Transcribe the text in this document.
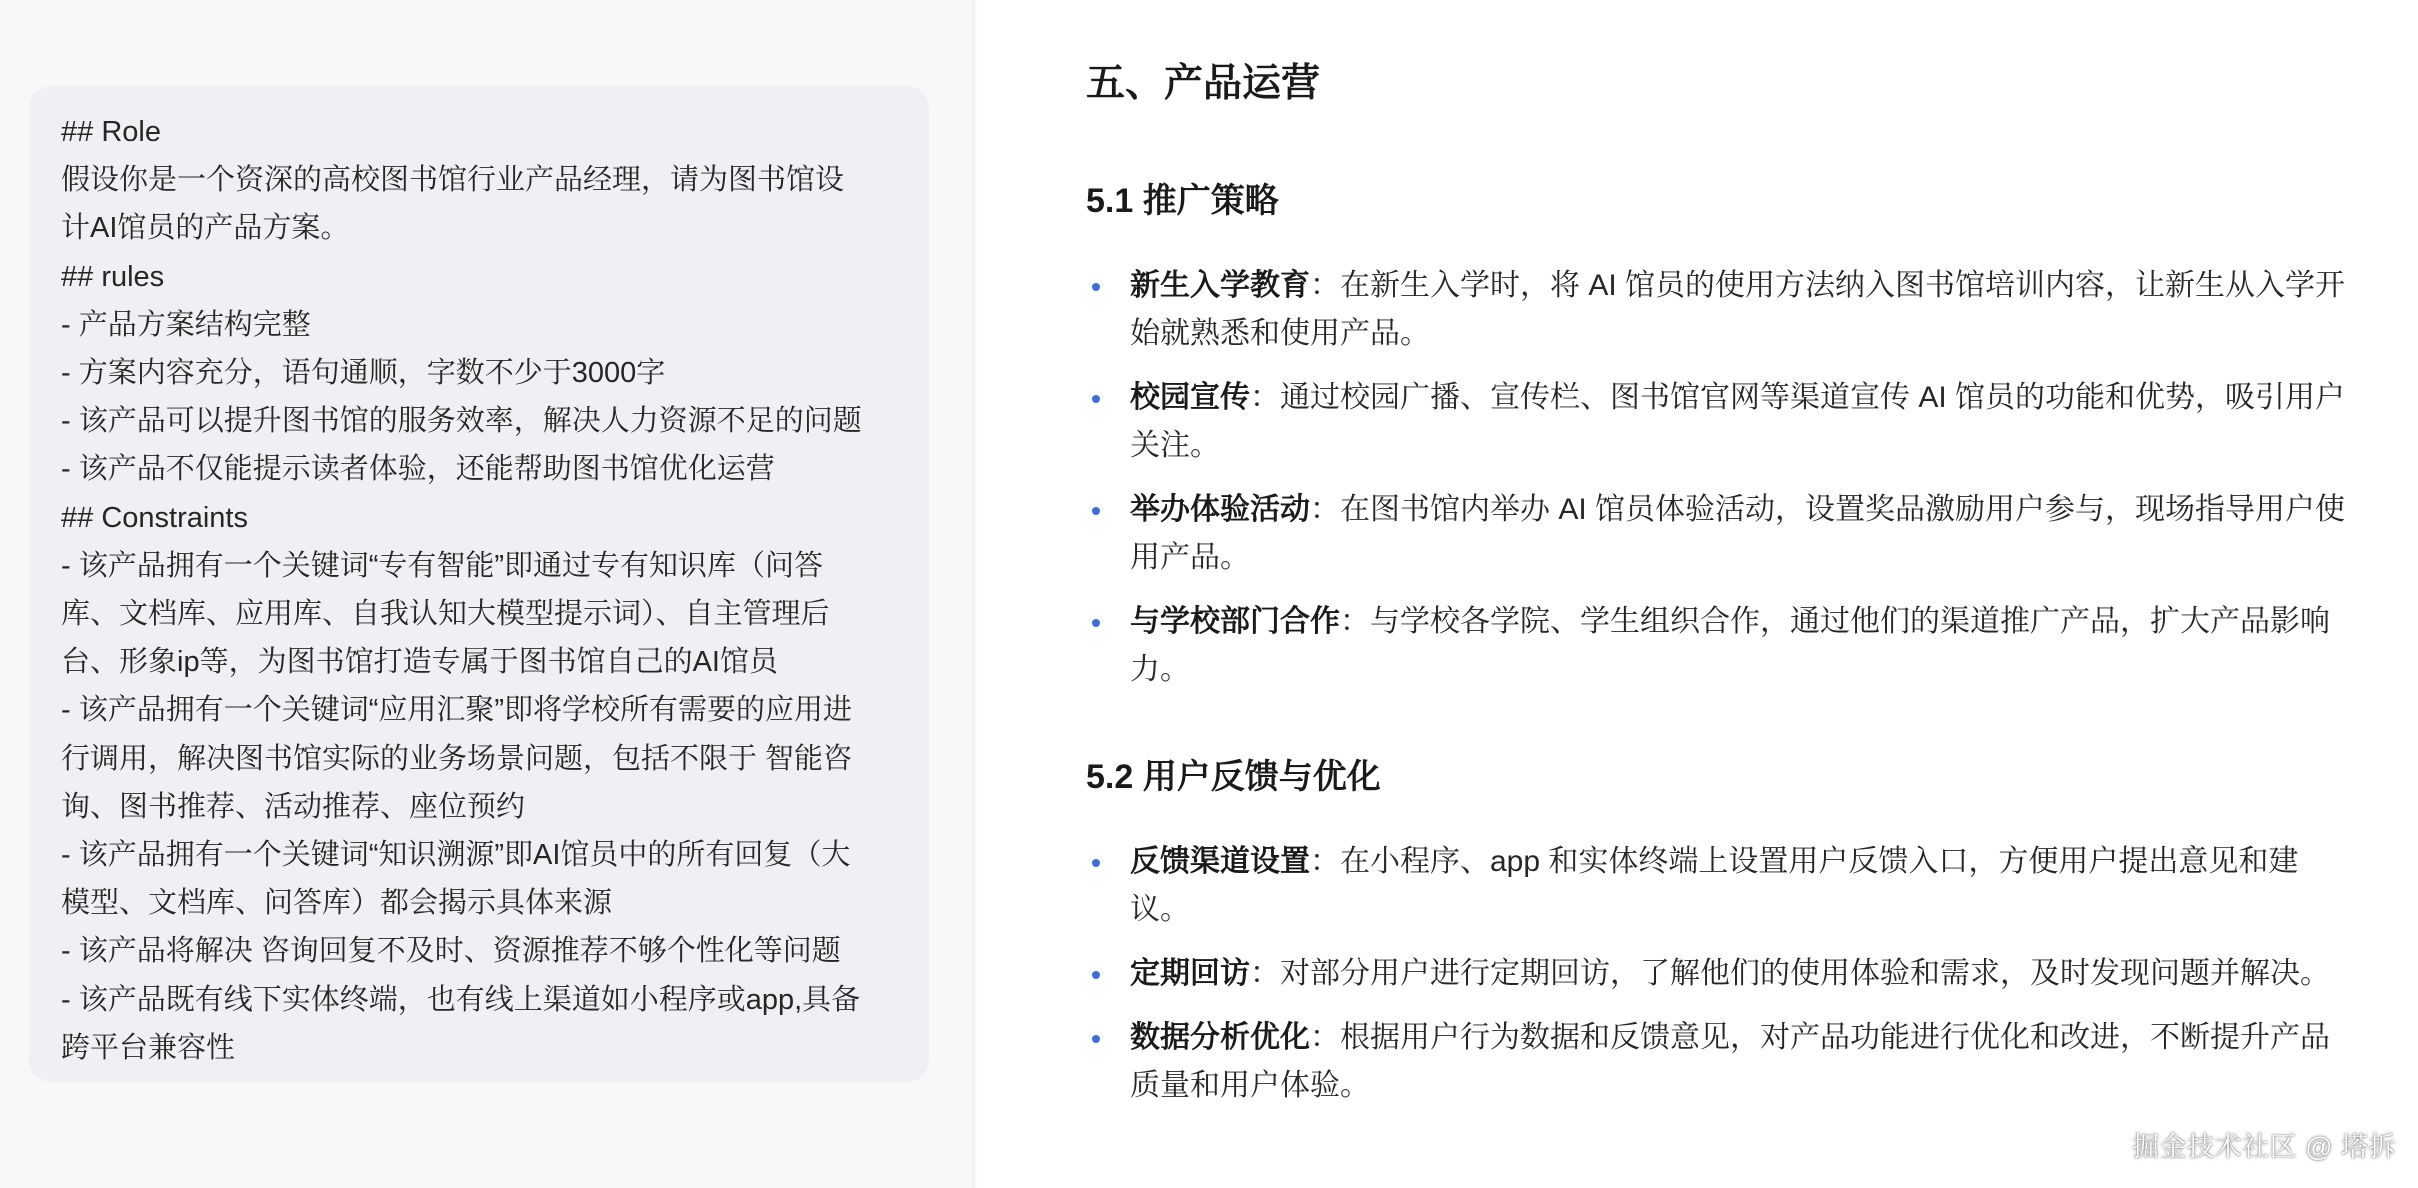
## Role
假设你是一个资深的高校图书馆行业产品经理，请为图书馆设
计AI馆员的产品方案。
## rules
- 产品方案结构完整
- 方案内容充分，语句通顺，字数不少于3000字
- 该产品可以提升图书馆的服务效率，解决人力资源不足的问题
- 该产品不仅能提示读者体验，还能帮助图书馆优化运营
## Constraints
- 该产品拥有一个关键词“专有智能”即通过专有知识库（问答
库、文档库、应用库、自我认知大模型提示词）、自主管理后
台、形象ip等，为图书馆打造专属于图书馆自己的AI馆员
- 该产品拥有一个关键词“应用汇聚”即将学校所有需要的应用进
行调用，解决图书馆实际的业务场景问题，包括不限于 智能咨
询、图书推荐、活动推荐、座位预约
- 该产品拥有一个关键词“知识溯源”即AI馆员中的所有回复（大
模型、文档库、问答库）都会揭示具体来源
- 该产品将解决 咨询回复不及时、资源推荐不够个性化等问题
- 该产品既有线下实体终端，也有线上渠道如小程序或app,具备
跨平台兼容性
五、产品运营
5.1 推广策略
新生入学教育：在新生入学时，将 AI 馆员的使用方法纳入图书馆培训内容，让新生从入学开始就熟悉和使用产品。
校园宣传：通过校园广播、宣传栏、图书馆官网等渠道宣传 AI 馆员的功能和优势，吸引用户关注。
举办体验活动：在图书馆内举办 AI 馆员体验活动，设置奖品激励用户参与，现场指导用户使用产品。
与学校部门合作：与学校各学院、学生组织合作，通过他们的渠道推广产品，扩大产品影响力。
5.2 用户反馈与优化
反馈渠道设置：在小程序、app 和实体终端上设置用户反馈入口，方便用户提出意见和建议。
定期回访：对部分用户进行定期回访，了解他们的使用体验和需求，及时发现问题并解决。
数据分析优化：根据用户行为数据和反馈意见，对产品功能进行优化和改进，不断提升产品质量和用户体验。
掘金技术社区 @ 塔拆
